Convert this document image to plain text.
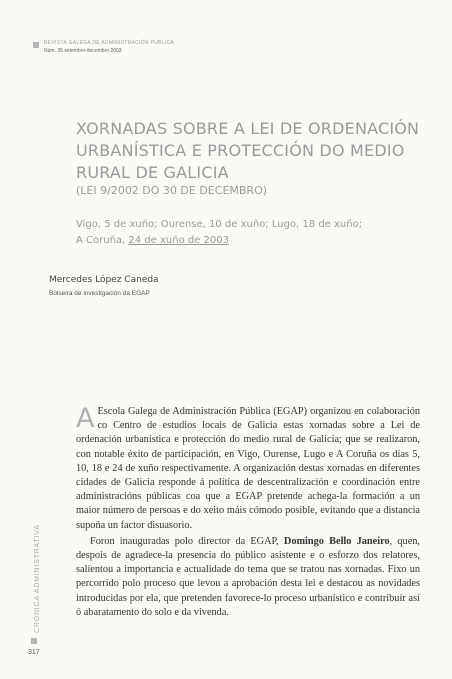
REVISTA GALEGA DE ADMINISTRACIÓN PÚBLICA
Núm. 35 setembro-decembro 2003
XORNADAS SOBRE A LEI DE ORDENACIÓN
URBANÍSTICA E PROTECCIÓN DO MEDIO
RURAL DE GALICIA
(LEI 9/2002 DO 30 DE DECEMBRO)
Vigo, 5 de xuño; Ourense, 10 de xuño; Lugo, 18 de xuño;
A Coruña, 24 de xuño de 2003
Mercedes López Caneda
Bolseira de investigación da EGAP

A Escola Galega de Administración Pública (EGAP) organizou en colaboración co Centro de estudios locais de Galicia estas xornadas sobre a Lei de ordenación urbanística e protección do medio rural de Galicia; que se realizaron, con notable éxito de participación, en Vigo, Ourense, Lugo e A Coruña os días 5, 10, 18 e 24 de xuño respectivamente. A organización destas xornadas en diferentes cidades de Galicia responde á política de descentralización e coordinación entre administracións públicas coa que a EGAP pretende achega-la formación a un maior número de persoas e do xeito máis cómodo posible, evitando que a distancia supoña un factor disuasorio.

Foron inauguradas polo director da EGAP, Domingo Bello Janeiro, quen, despois de agradece-la presencia do público asistente e o esforzo dos relatores, salientou a importancia e actualidade do tema que se tratou nas xornadas. Fixo un percorrido polo proceso que levou a aprobación desta lei e destacou as novidades introducidas por ela, que pretenden favorece-lo proceso urbanístico e contribuír así ó abaratamento do solo e da vivenda.

CRÓNICA ADMINISTRATIVA
317
